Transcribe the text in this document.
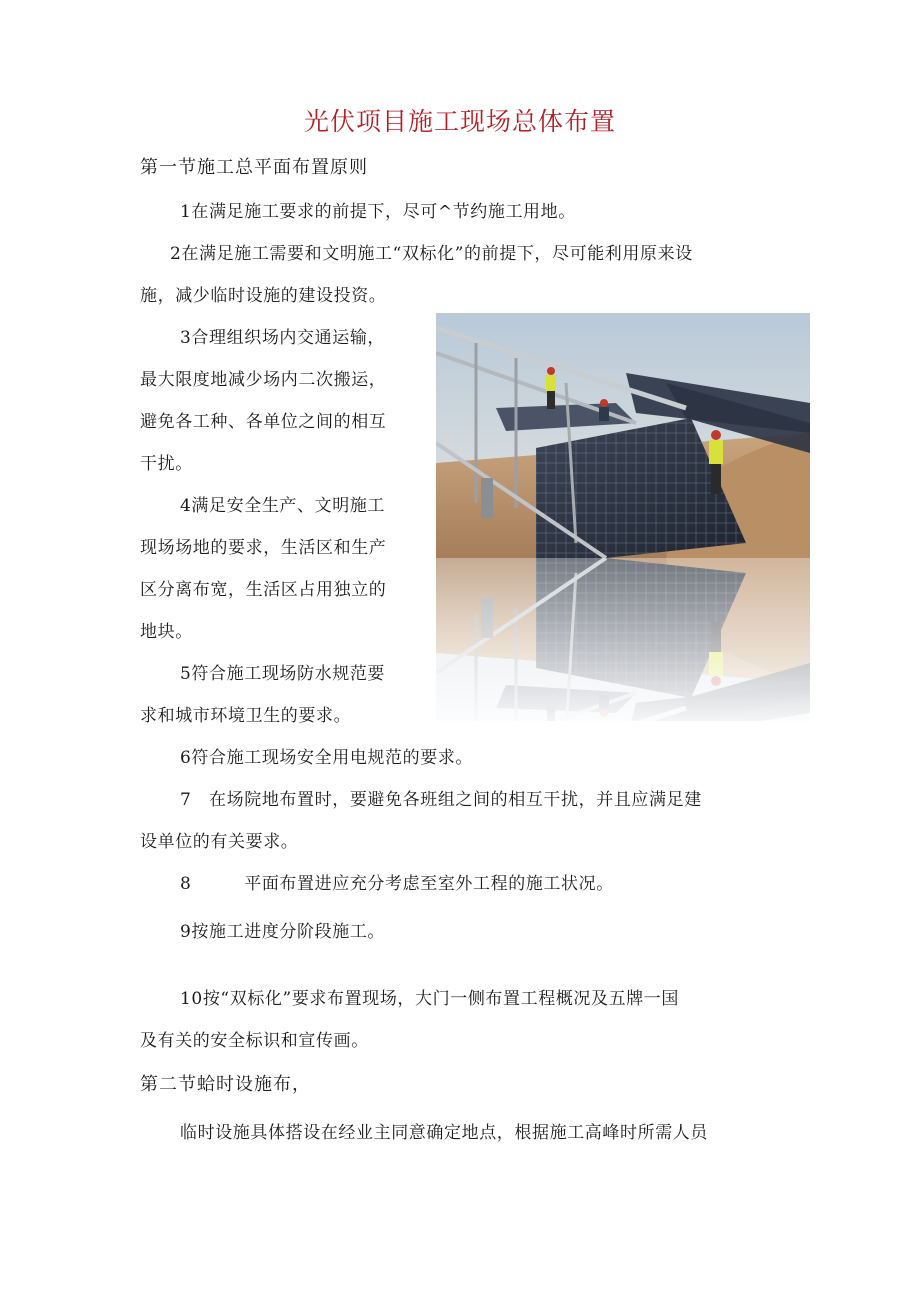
光伏项目施工现场总体布置
第一节施工总平面布置原则
1在满足施工要求的前提下，尽可^节约施工用地。
2在满足施工需要和文明施工“双标化”的前提下，尽可能利用原来设
施，减少临时设施的建设投资。
3合理组织场内交通运输，
最大限度地减少场内二次搬运，
避免各工种、各单位之间的相互
干扰。
4满足安全生产、文明施工
现场场地的要求，生活区和生产
区分离布宽，生活区占用独立的
地块。
5符合施工现场防水规范要
求和城市环境卫生的要求。
6符合施工现场安全用电规范的要求。
7　在场院地布置时，要避免各班组之间的相互干扰，并且应满足建
设单位的有关要求。
8　　　平面布置进应充分考虑至室外工程的施工状况。
9按施工进度分阶段施工。
10按“双标化”要求布置现场，大门一侧布置工程概况及五牌一国
及有关的安全标识和宣传画。
第二节蛤时设施布，
临时设施具体搭设在经业主同意确定地点，根据施工高峰时所需人员
